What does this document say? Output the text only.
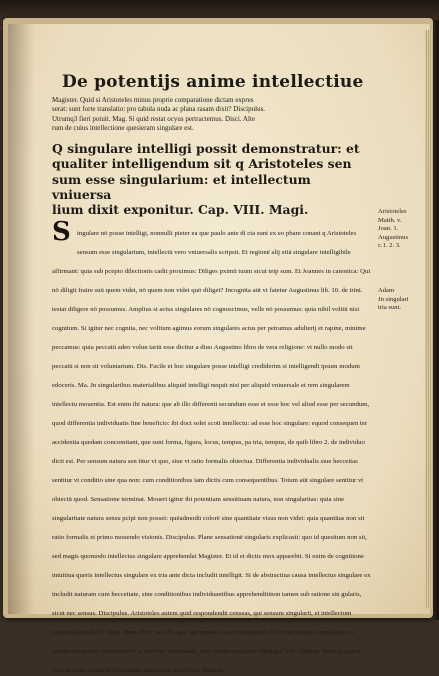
De potentijs anime intellectiue

Magister. Quid si Aristoteles minus proprie comparatione dictam expres
serat: sunt forte translatio: pro tabula nuda ac plana rasam dixit? Discipulus.
Utrumq3 fieri potuit. Mag. Si quid restat ocyus pertractemus. Disci. Alte
rum de cuius intellectione quesieram singulare est.

Q singulare intelligi possit demonstratur: et
qualiter intelligendum sit q Aristoteles sen
sum esse singularium: et intellectum vniuersa
lium dixit exponitur. Cap. VIII. Magi.
S ingulare nō posse intelligi, nonnulli pieter ea que paulo ante di cta sunt ex eo pbare conant q Aristoteles sensum esse singularium, intellectū vero vniuersalis scripsit. Et regionē alij etiā singulare intelligibile affirmant: quia sub pcepto dilectionis cadit proximus: Diliges pximū tuum sicut teip sum. Et Joannes in canonica: Qui nō diligit fratre suū quem videt, nō quem non videt quō diliget? Jncognita aūt vt fatetur Augustinus lib. 10. de trini. testat diligere nō possumus. Amplius si actus singulares nō cognoscimus, velle nō possumus: quia nihil volitū nisi cognitum. Si igitur nec cognita, nec volitum agimus eorum singulares actus per petramus adulterij et rapine, minime peccamus: quia peccatū adeo volun tariū esse dicitur a diuo Augustino libro de vera religione: vt nullo modo sit peccatū si non sit voluntarium. Dis. Facile et hoc singulare posse intelligi crediderim si intelligendi ipsum modum edoceris. Ma. Jn singularibus materialibus aliquid intelligi nequit nisi per aliquid vniuersale et rem singularem intellectu mouentia. Est enim ibi natura: que ab illo differenti secundum esse et esse hoc vel aliud esse per secundum, quod differentia individuatis fine beneficio: ibi doct solet scoti intellectu: ad esse hoc singulare: equod consequen ter accidentia quedam concomitant, que sunt forma, figura, locus, tempus, pa tria, tempus, de quib libro 2. de individuo dicti est. Per sensum natura sen titur vt quo, siue vt ratio formalis obiectua. Differentia individualis siue hecceitas sentitur vt conditio sine qua non: cum conditionibus iam dictis cum consequentibus. Totum aūt singulare sentitur vt obiectū quod. Sensatione terminat. Moueri igitur ibi potentiam sensitiuam natura, non singularitas: quia sine singularitate natura sensu pcipi non posset: quēadmodū colorē sine quantitate visus non videt: quia quantitas non sit ratio formalis et primo mouendo visionis. Discipulus. Plane sensationē singularis explicasti: quo id quesitum non sit, sed magis quomodo intellectus singulare apprehendat Magister. Et id et dictis mox apparebit. Si enim de cognitione intuitiua queris intellectus singulare ex tria ante dicta includit intelligit. Si de abstractiua causa intellectus singulare ex includit naturam cum hecceitate, sine conditionibus individuantibus apprehenditinon tamen sub ratione sin gularis, sicut nec sensus. Discipulus. Aristoteles autem quid respondendū censeas, qui sensum singularii, et intellectum vniuersalium dixit? Magi. Bene dixit: nec illo que iam posset ta sunt contrariant. Est enim sensus singularium et intellectus autem vniuersaliū et si non hec vniuersaliū, cum etiam singularia intelligat. Dis. Optime. Nunc si placet ceteras q que latent in hoc campo diuisiones intellectus detegas.
Aristoteles
Matth. v.
Joan. 1.
Augustinus
c.1. 2. 3.
Adam
Jn singulari
tria sunt.
